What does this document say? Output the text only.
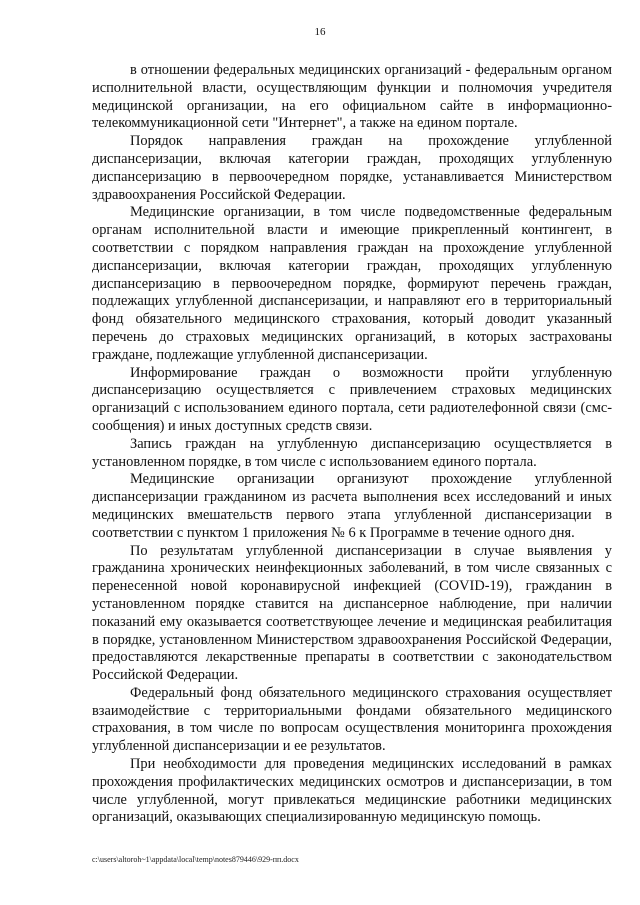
16

в отношении федеральных медицинских организаций - федеральным органом исполнительной власти, осуществляющим функции и полномочия учредителя медицинской организации, на его официальном сайте в информационно-телекоммуникационной сети "Интернет", а также на едином портале.

Порядок направления граждан на прохождение углубленной диспансеризации, включая категории граждан, проходящих углубленную диспансеризацию в первоочередном порядке, устанавливается Министерством здравоохранения Российской Федерации.

Медицинские организации, в том числе подведомственные федеральным органам исполнительной власти и имеющие прикрепленный контингент, в соответствии с порядком направления граждан на прохождение углубленной диспансеризации, включая категории граждан, проходящих углубленную диспансеризацию в первоочередном порядке, формируют перечень граждан, подлежащих углубленной диспансеризации, и направляют его в территориальный фонд обязательного медицинского страхования, который доводит указанный перечень до страховых медицинских организаций, в которых застрахованы граждане, подлежащие углубленной диспансеризации.

Информирование граждан о возможности пройти углубленную диспансеризацию осуществляется с привлечением страховых медицинских организаций с использованием единого портала, сети радиотелефонной связи (смс-сообщения) и иных доступных средств связи.

Запись граждан на углубленную диспансеризацию осуществляется в установленном порядке, в том числе с использованием единого портала.

Медицинские организации организуют прохождение углубленной диспансеризации гражданином из расчета выполнения всех исследований и иных медицинских вмешательств первого этапа углубленной диспансеризации в соответствии с пунктом 1 приложения № 6 к Программе в течение одного дня.

По результатам углубленной диспансеризации в случае выявления у гражданина хронических неинфекционных заболеваний, в том числе связанных с перенесенной новой коронавирусной инфекцией (COVID-19), гражданин в установленном порядке ставится на диспансерное наблюдение, при наличии показаний ему оказывается соответствующее лечение и медицинская реабилитация в порядке, установленном Министерством здравоохранения Российской Федерации, предоставляются лекарственные препараты в соответствии с законодательством Российской Федерации.

Федеральный фонд обязательного медицинского страхования осуществляет взаимодействие с территориальными фондами обязательного медицинского страхования, в том числе по вопросам осуществления мониторинга прохождения углубленной диспансеризации и ее результатов.

При необходимости для проведения медицинских исследований в рамках прохождения профилактических медицинских осмотров и диспансеризации, в том числе углубленной, могут привлекаться медицинские работники медицинских организаций, оказывающих специализированную медицинскую помощь.

c:\users\altoroh~1\appdata\local\temp\notes879446\929-пп.docx
